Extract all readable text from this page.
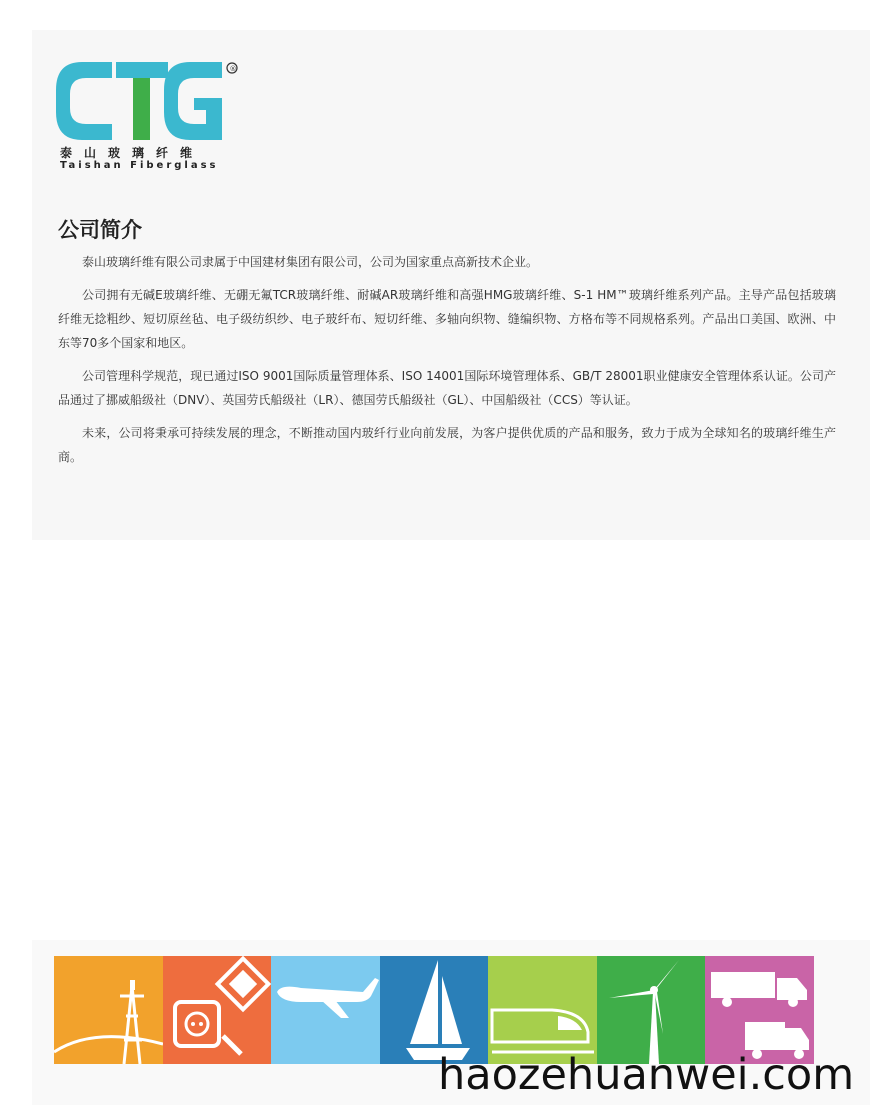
®
泰山玻璃纤维
Taishan Fiberglass
公司简介

泰山玻璃纤维有限公司隶属于中国建材集团有限公司，公司为国家重点高新技术企业。

公司拥有无碱E玻璃纤维、无硼无氟TCR玻璃纤维、耐碱AR玻璃纤维和高强HMG玻璃纤维、S-1 HM™玻璃纤维系列产品。主导产品包括玻璃纤维无捻粗纱、短切原丝毡、电子级纺织纱、电子玻纤布、短切纤维、多轴向织物、缝编织物、方格布等不同规格系列。产品出口美国、欧洲、中东等70多个国家和地区。

公司管理科学规范，现已通过ISO 9001国际质量管理体系、ISO 14001国际环境管理体系、GB/T 28001职业健康安全管理体系认证。公司产品通过了挪威船级社（DNV）、英国劳氏船级社（LR）、德国劳氏船级社（GL）、中国船级社（CCS）等认证。

未来，公司将秉承可持续发展的理念，不断推动国内玻纤行业向前发展，为客户提供优质的产品和服务，致力于成为全球知名的玻璃纤维生产商。

haozehuanwei.com
